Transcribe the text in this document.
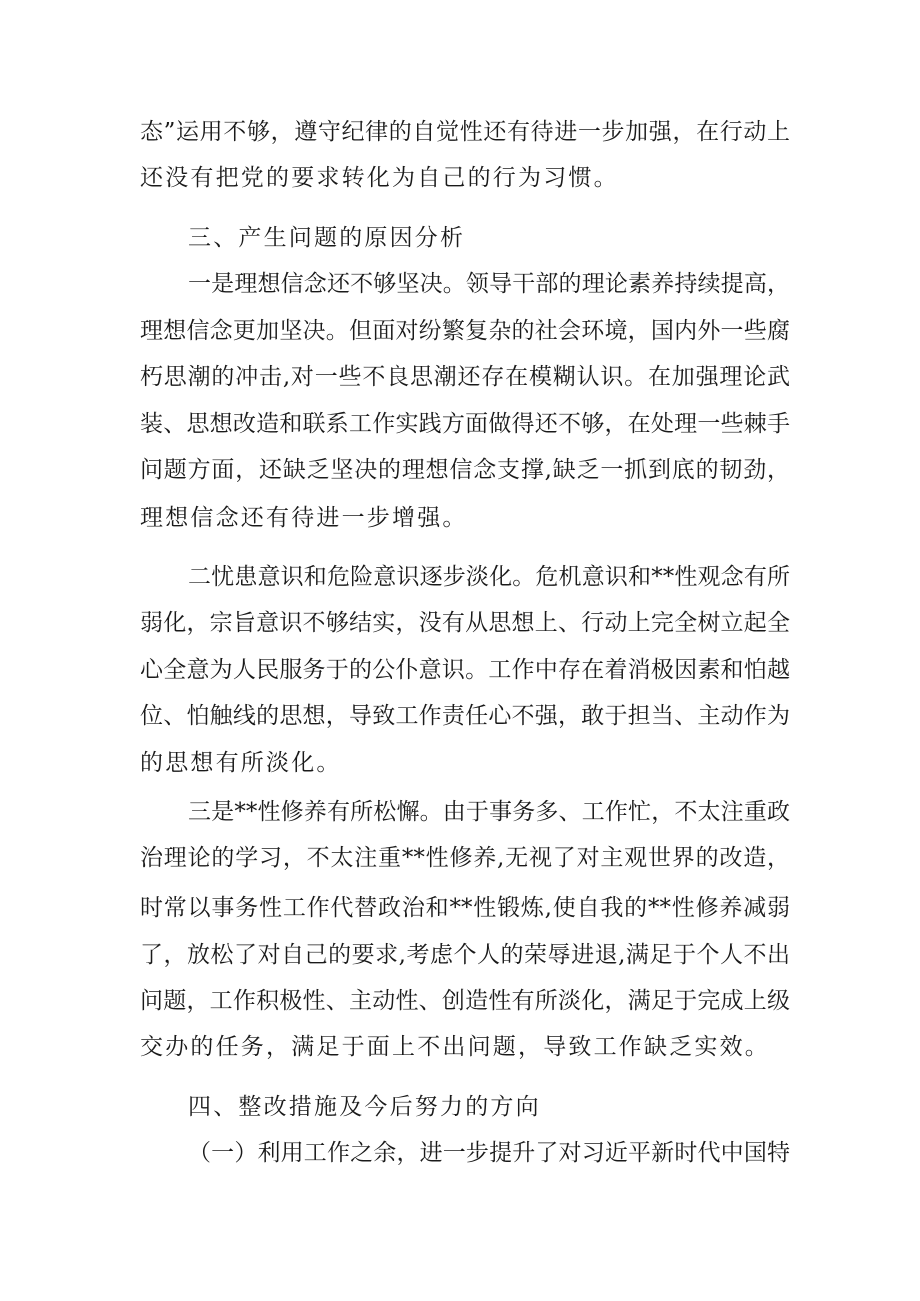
态”运用不够，遵守纪律的自觉性还有待进一步加强，在行动上
还没有把党的要求转化为自己的行为习惯。
三、产生问题的原因分析
一是理想信念还不够坚决。领导干部的理论素养持续提高，
理想信念更加坚决。但面对纷繁复杂的社会环境，国内外一些腐
朽思潮的冲击,对一些不良思潮还存在模糊认识。在加强理论武
装、思想改造和联系工作实践方面做得还不够，在处理一些棘手
问题方面，还缺乏坚决的理想信念支撑,缺乏一抓到底的韧劲，
理想信念还有待进一步增强。
二忧患意识和危险意识逐步淡化。危机意识和**性观念有所
弱化，宗旨意识不够结实，没有从思想上、行动上完全树立起全
心全意为人民服务于的公仆意识。工作中存在着消极因素和怕越
位、怕触线的思想，导致工作责任心不强，敢于担当、主动作为
的思想有所淡化。
三是**性修养有所松懈。由于事务多、工作忙，不太注重政
治理论的学习，不太注重**性修养,无视了对主观世界的改造，
时常以事务性工作代替政治和**性锻炼,使自我的**性修养减弱
了，放松了对自己的要求,考虑个人的荣辱进退,满足于个人不出
问题，工作积极性、主动性、创造性有所淡化，满足于完成上级
交办的任务，满足于面上不出问题，导致工作缺乏实效。
四、整改措施及今后努力的方向
（一）利用工作之余，进一步提升了对习近平新时代中国特
